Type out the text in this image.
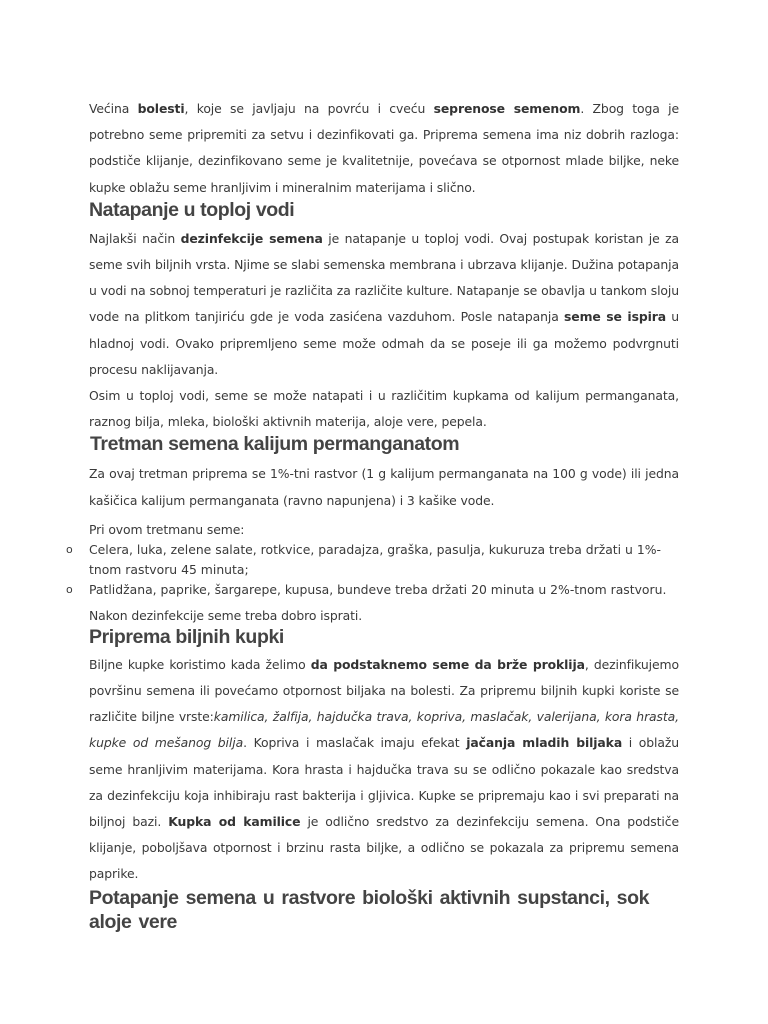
Većina bolesti, koje se javljaju na povrću i cveću seprenose semenom. Zbog toga je potrebno seme pripremiti za setvu i dezinfikovati ga. Priprema semena ima niz dobrih razloga: podstiče klijanje, dezinfikovano seme je kvalitetnije, povećava se otpornost mlade biljke, neke kupke oblažu seme hranljivim i mineralnim materijama i slično.

Natapanje u toploj vodi

Najlakši način dezinfekcije semena je natapanje u toploj vodi. Ovaj postupak koristan je za seme svih biljnih vrsta. Njime se slabi semenska membrana i ubrzava klijanje. Dužina potapanja u vodi na sobnoj temperaturi je različita za različite kulture. Natapanje se obavlja u tankom sloju vode na plitkom tanjiriću gde je voda zasićena vazduhom. Posle natapanja seme se ispira u hladnoj vodi. Ovako pripremljeno seme može odmah da se poseje ili ga možemo podvrgnuti procesu naklijavanja.

Osim u toploj vodi, seme se može natapati i u različitim kupkama od kalijum permanganata, raznog bilja, mleka, biološki aktivnih materija, aloje vere, pepela.

Tretman semena kalijum permanganatom

Za ovaj tretman priprema se 1%-tni rastvor (1 g kalijum permanganata na 100 g vode) ili jedna kašičica kalijum permanganata (ravno napunjena) i 3 kašike vode.

Pri ovom tretmanu seme:

o Celera, luka, zelene salate, rotkvice, paradajza, graška, pasulja, kukuruza treba držati u 1%-tnom rastvoru 45 minuta;
o Patlidžana, paprike, šargarepe, kupusa, bundeve treba držati 20 minuta u 2%-tnom rastvoru.

Nakon dezinfekcije seme treba dobro isprati.

Priprema biljnih kupki

Biljne kupke koristimo kada želimo da podstaknemo seme da brže proklija, dezinfikujemo površinu semena ili povećamo otpornost biljaka na bolesti. Za pripremu biljnih kupki koriste se različite biljne vrste:kamilica, žalfija, hajdučka trava, kopriva, maslačak, valerijana, kora hrasta, kupke od mešanog bilja. Kopriva i maslačak imaju efekat jačanja mladih biljaka i oblažu seme hranljivim materijama. Kora hrasta i hajdučka trava su se odlično pokazale kao sredstva za dezinfekciju koja inhibiraju rast bakterija i gljivica. Kupke se pripremaju kao i svi preparati na biljnoj bazi. Kupka od kamilice je odlično sredstvo za dezinfekciju semena. Ona podstiče klijanje, poboljšava otpornost i brzinu rasta biljke, a odlično se pokazala za pripremu semena paprike.

Potapanje semena u rastvore biološki aktivnih supstanci, sok aloje vere
